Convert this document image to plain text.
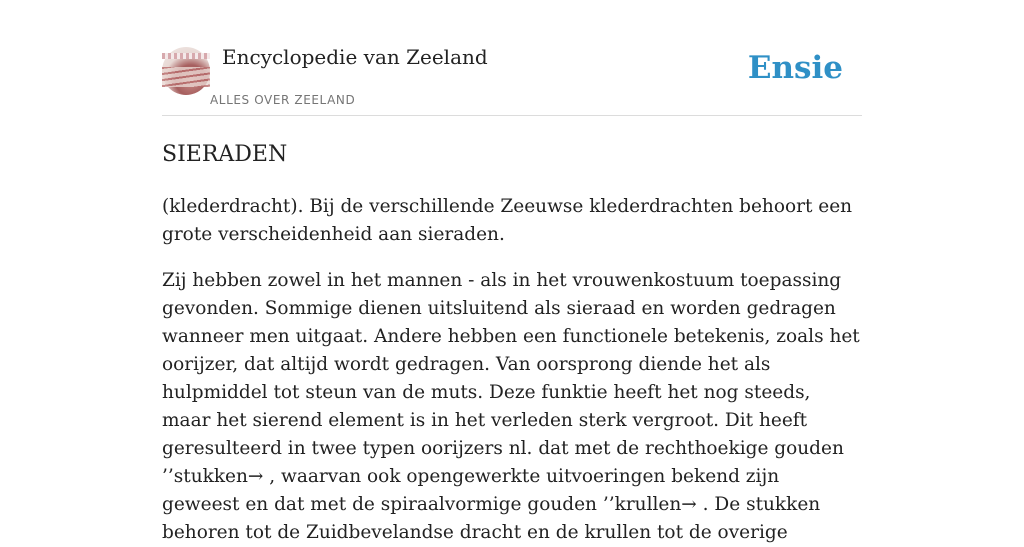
Encyclopedie van Zeeland
ALLES OVER ZEELAND
Ensie
SIERADEN

(klederdracht). Bij de verschillende Zeeuwse klederdrachten behoort een grote verscheidenheid aan sieraden.

Zij hebben zowel in het mannen - als in het vrouwenkostuum toepassing gevonden. Sommige dienen uitsluitend als sieraad en worden gedragen wanneer men uitgaat. Andere hebben een functionele betekenis, zoals het oorijzer, dat altijd wordt gedragen. Van oorsprong diende het als hulpmiddel tot steun van de muts. Deze funktie heeft het nog steeds, maar het sierend element is in het verleden sterk vergroot. Dit heeft geresulteerd in twee typen oorijzers nl. dat met de rechthoekige gouden ’’stukken→ , waarvan ook opengewerkte uitvoeringen bekend zijn geweest en dat met de spiraalvormige gouden ’’krullen→ . De stukken behoren tot de Zuidbevelandse dracht en de krullen tot de overige
